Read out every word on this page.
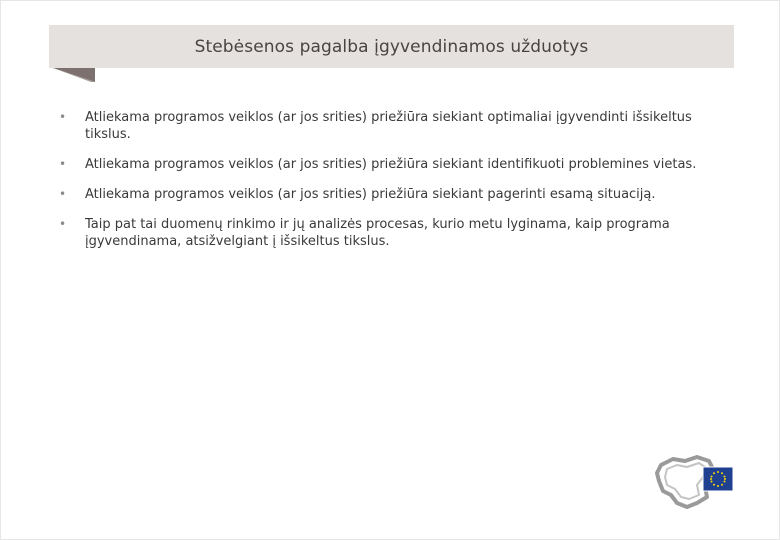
Stebėsenos pagalba įgyvendinamos užduotys
• Atliekama programos veiklos (ar jos srities) priežiūra siekiant optimaliai įgyvendinti išsikeltus tikslus.
• Atliekama programos veiklos (ar jos srities) priežiūra siekiant identifikuoti problemines vietas.
• Atliekama programos veiklos (ar jos srities) priežiūra siekiant pagerinti esamą situaciją.
• Taip pat tai duomenų rinkimo ir jų analizės procesas, kurio metu lyginama, kaip programa įgyvendinama, atsižvelgiant į išsikeltus tikslus.
